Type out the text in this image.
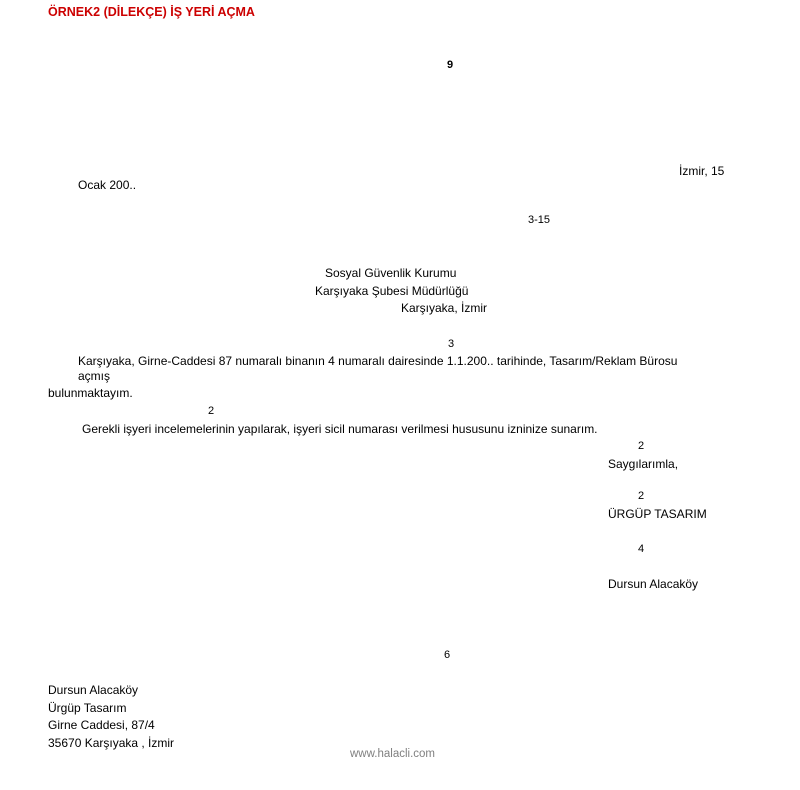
ÖRNEK2 (DİLEKÇE) İŞ YERİ AÇMA
9
İzmir, 15
Ocak 200..
3-15
Sosyal Güvenlik Kurumu
Karşıyaka Şubesi Müdürlüğü
Karşıyaka, İzmir
3
Karşıyaka, Girne-Caddesi 87 numaralı binanın 4 numaralı dairesinde 1.1.200.. tarihinde, Tasarım/Reklam Bürosu
açmış
bulunmaktayım.
2
Gerekli işyeri incelemelerinin yapılarak, işyeri sicil numarası verilmesi hususunu izninize sunarım.
2
Saygılarımla,
2
ÜRGÜP TASARIM
4
Dursun Alacaköy
6
Dursun Alacaköy
Ürgüp Tasarım
Girne Caddesi, 87/4
35670 Karşıyaka , İzmir
www.halacli.com
